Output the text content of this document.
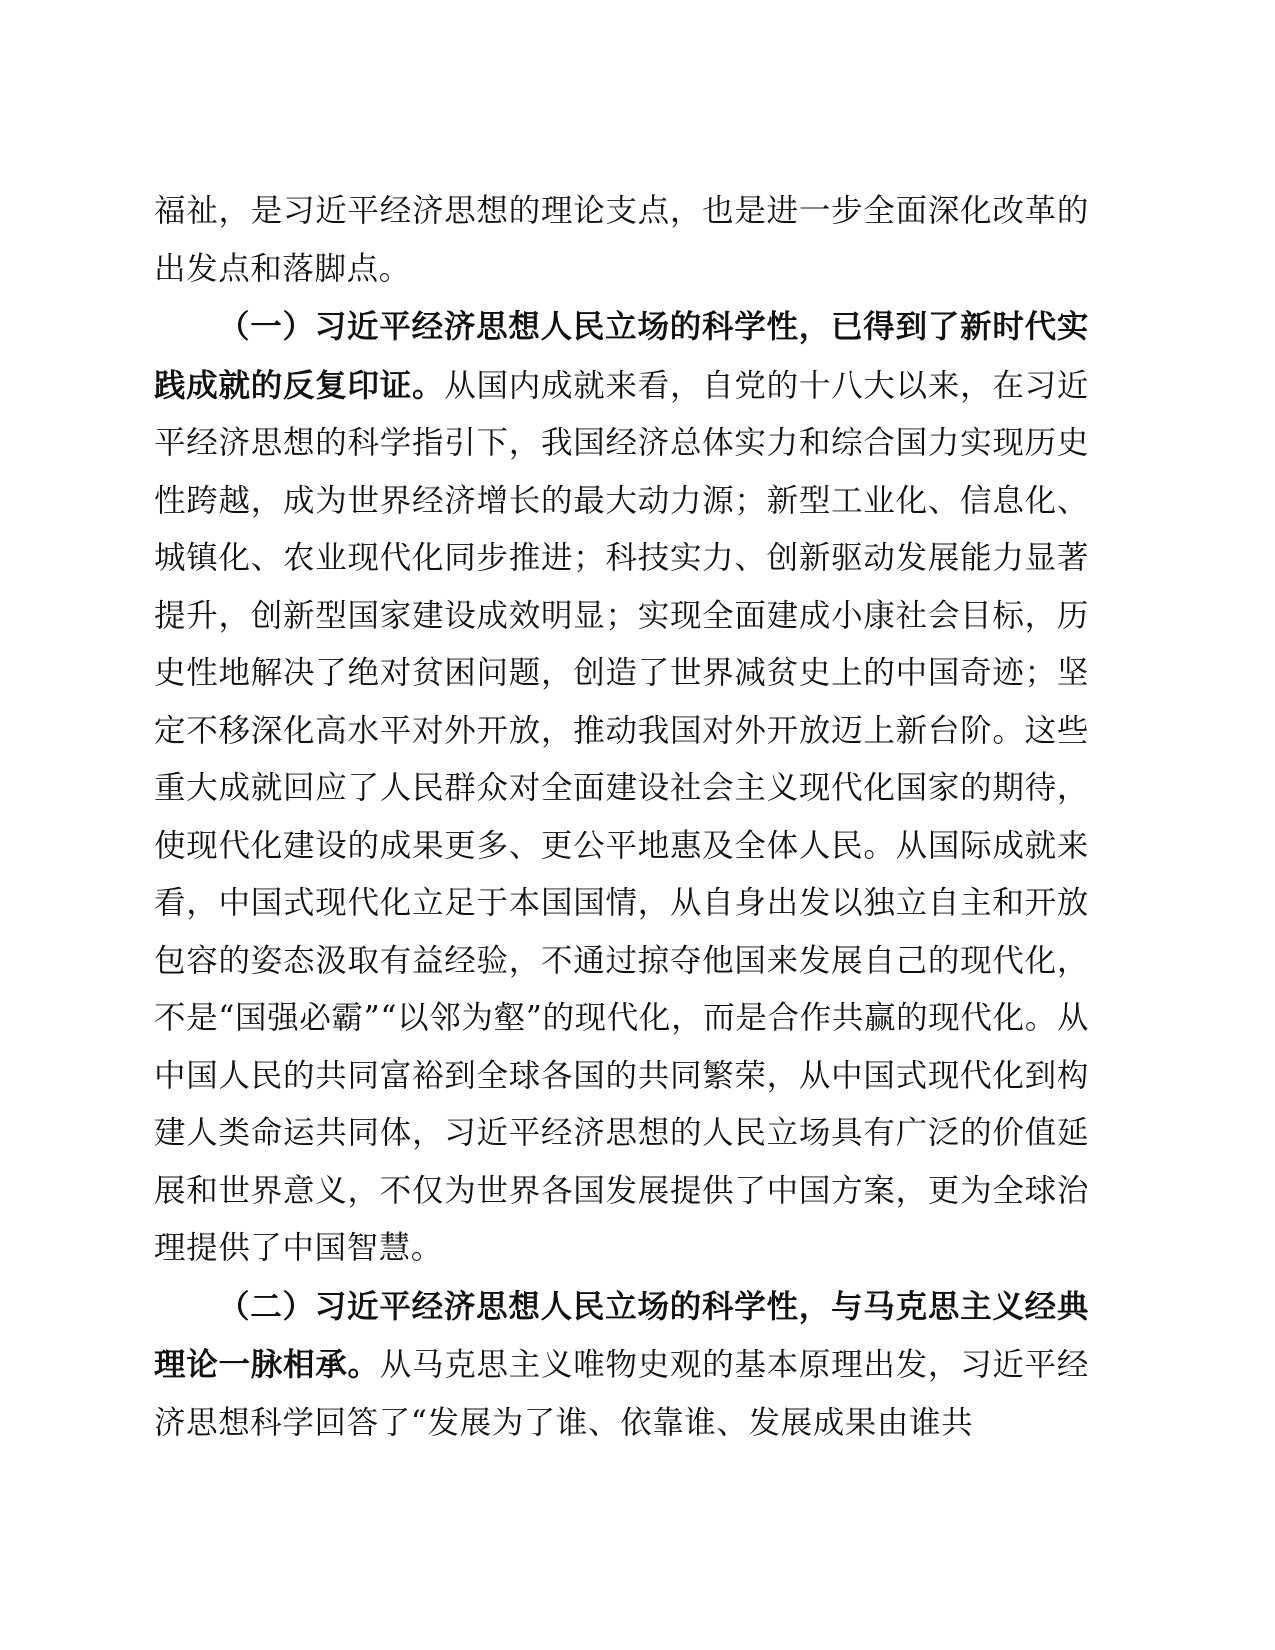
福祉，是习近平经济思想的理论支点，也是进一步全面深化改革的出发点和落脚点。

（一）习近平经济思想人民立场的科学性，已得到了新时代实践成就的反复印证。从国内成就来看，自党的十八大以来，在习近平经济思想的科学指引下，我国经济总体实力和综合国力实现历史性跨越，成为世界经济增长的最大动力源；新型工业化、信息化、城镇化、农业现代化同步推进；科技实力、创新驱动发展能力显著提升，创新型国家建设成效明显；实现全面建成小康社会目标，历史性地解决了绝对贫困问题，创造了世界减贫史上的中国奇迹；坚定不移深化高水平对外开放，推动我国对外开放迈上新台阶。这些重大成就回应了人民群众对全面建设社会主义现代化国家的期待，使现代化建设的成果更多、更公平地惠及全体人民。从国际成就来看，中国式现代化立足于本国国情，从自身出发以独立自主和开放包容的姿态汲取有益经验，不通过掠夺他国来发展自己的现代化，不是“国强必霸”“以邻为壑”的现代化，而是合作共赢的现代化。从中国人民的共同富裕到全球各国的共同繁荣，从中国式现代化到构建人类命运共同体，习近平经济思想的人民立场具有广泛的价值延展和世界意义，不仅为世界各国发展提供了中国方案，更为全球治理提供了中国智慧。

（二）习近平经济思想人民立场的科学性，与马克思主义经典理论一脉相承。从马克思主义唯物史观的基本原理出发，习近平经济思想科学回答了“发展为了谁、依靠谁、发展成果由谁共
